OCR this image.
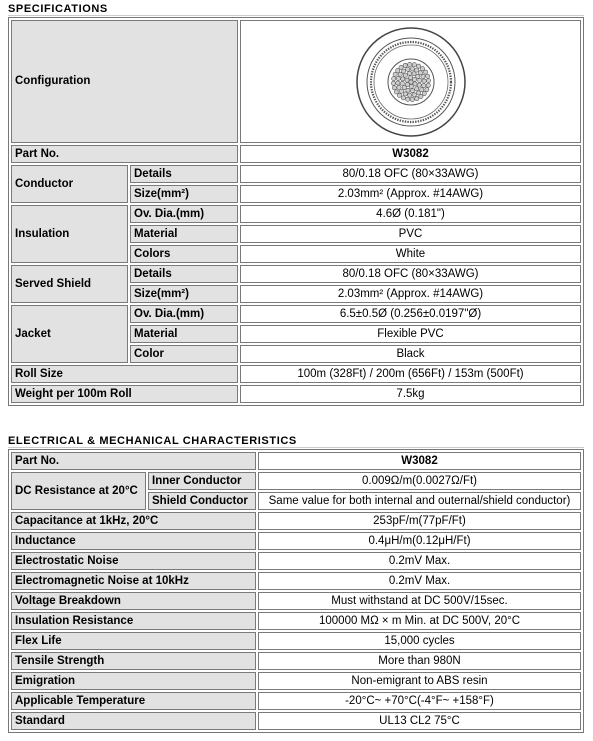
SPECIFICATIONS
Configuration	

Part No.		W3082
Conductor	Details	80/0.18 OFC (80×33AWG)
	Size(mm²)	2.03mm² (Approx. #14AWG)
Insulation	Ov. Dia.(mm)	4.6Ø (0.181")
	Material	PVC
	Colors	White
Served Shield	Details	80/0.18 OFC (80×33AWG)
	Size(mm²)	2.03mm² (Approx. #14AWG)
Jacket	Ov. Dia.(mm)	6.5±0.5Ø (0.256±0.0197"Ø)
	Material	Flexible PVC
	Color	Black
Roll Size		100m (328Ft) / 200m (656Ft) / 153m (500Ft)
Weight per 100m Roll		7.5kg
ELECTRICAL & MECHANICAL CHARACTERISTICS
Part No.		W3082
DC Resistance at 20°C	Inner Conductor	0.009Ω/m(0.0027Ω/Ft)
	Shield Conductor	Same value for both internal and outernal/shield conductor)
Capacitance at 1kHz, 20°C		253pF/m(77pF/Ft)
Inductance		0.4μH/m(0.12μH/Ft)
Electrostatic Noise		0.2mV Max.
Electromagnetic Noise at 10kHz		0.2mV Max.
Voltage Breakdown		Must withstand at DC 500V/15sec.
Insulation Resistance		100000 MΩ × m Min. at DC 500V, 20°C
Flex Life		15,000 cycles
Tensile Strength		More than 980N
Emigration		Non-emigrant to ABS resin
Applicable Temperature		-20°C~ +70°C(-4°F~ +158°F)
Standard		UL13 CL2 75°C
